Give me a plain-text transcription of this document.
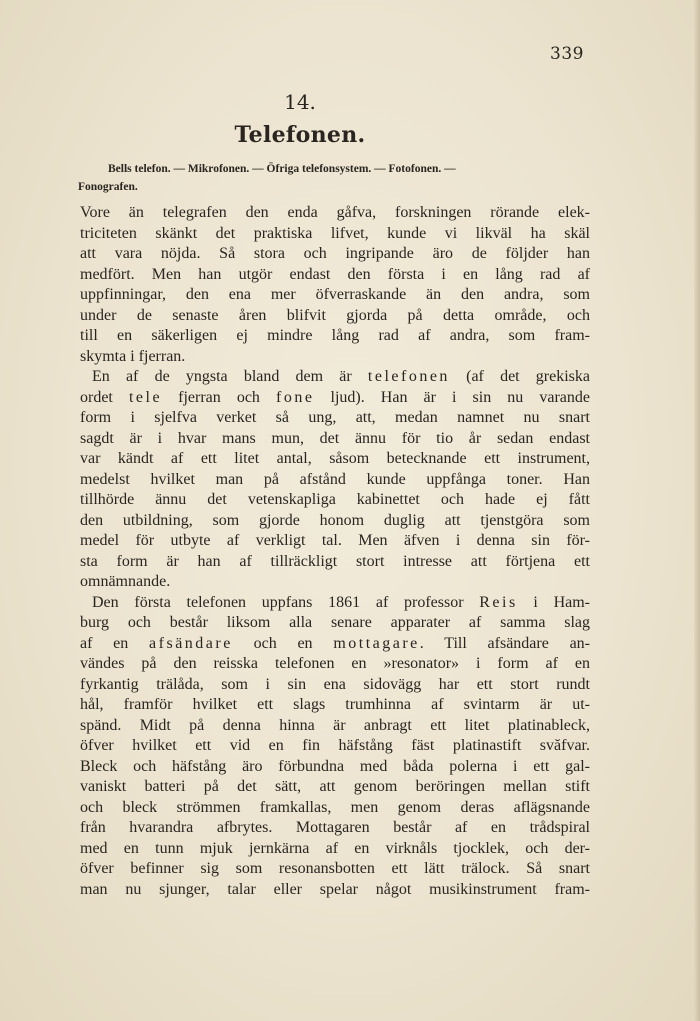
339
14.
Telefonen.
Bells telefon. — Mikrofonen. — Öfriga telefonsystem. — Fotofonen. —
Fonografen.
Vore än telegrafen den enda gåfva, forskningen rörande elek-
triciteten skänkt det praktiska lifvet, kunde vi likväl ha skäl
att vara nöjda. Så stora och ingripande äro de följder han
medfört. Men han utgör endast den första i en lång rad af
uppfinningar, den ena mer öfverraskande än den andra, som
under de senaste åren blifvit gjorda på detta område, och
till en säkerligen ej mindre lång rad af andra, som fram-
skymta i fjerran.
En af de yngsta bland dem är telefonen (af det grekiska
ordet tele fjerran och fone ljud). Han är i sin nu varande
form i sjelfva verket så ung, att, medan namnet nu snart
sagdt är i hvar mans mun, det ännu för tio år sedan endast
var kändt af ett litet antal, såsom betecknande ett instrument,
medelst hvilket man på afstånd kunde uppfånga toner. Han
tillhörde ännu det vetenskapliga kabinettet och hade ej fått
den utbildning, som gjorde honom duglig att tjenstgöra som
medel för utbyte af verkligt tal. Men äfven i denna sin för-
sta form är han af tillräckligt stort intresse att förtjena ett
omnämnande.
Den första telefonen uppfans 1861 af professor Reis i Ham-
burg och består liksom alla senare apparater af samma slag
af en afsändare och en mottagare. Till afsändare an-
vändes på den reisska telefonen en »resonator» i form af en
fyrkantig trälåda, som i sin ena sidovägg har ett stort rundt
hål, framför hvilket ett slags trumhinna af svintarm är ut-
spänd. Midt på denna hinna är anbragt ett litet platinableck,
öfver hvilket ett vid en fin häfstång fäst platinastift svăfvar.
Bleck och häfstång äro förbundna med båda polerna i ett gal-
vaniskt batteri på det sätt, att genom beröringen mellan stift
och bleck strömmen framkallas, men genom deras aflägsnande
från hvarandra afbrytes. Mottagaren består af en trådspiral
med en tunn mjuk jernkärna af en virknåls tjocklek, och der-
öfver befinner sig som resonansbotten ett lätt trälock. Så snart
man nu sjunger, talar eller spelar något musikinstrument fram-
